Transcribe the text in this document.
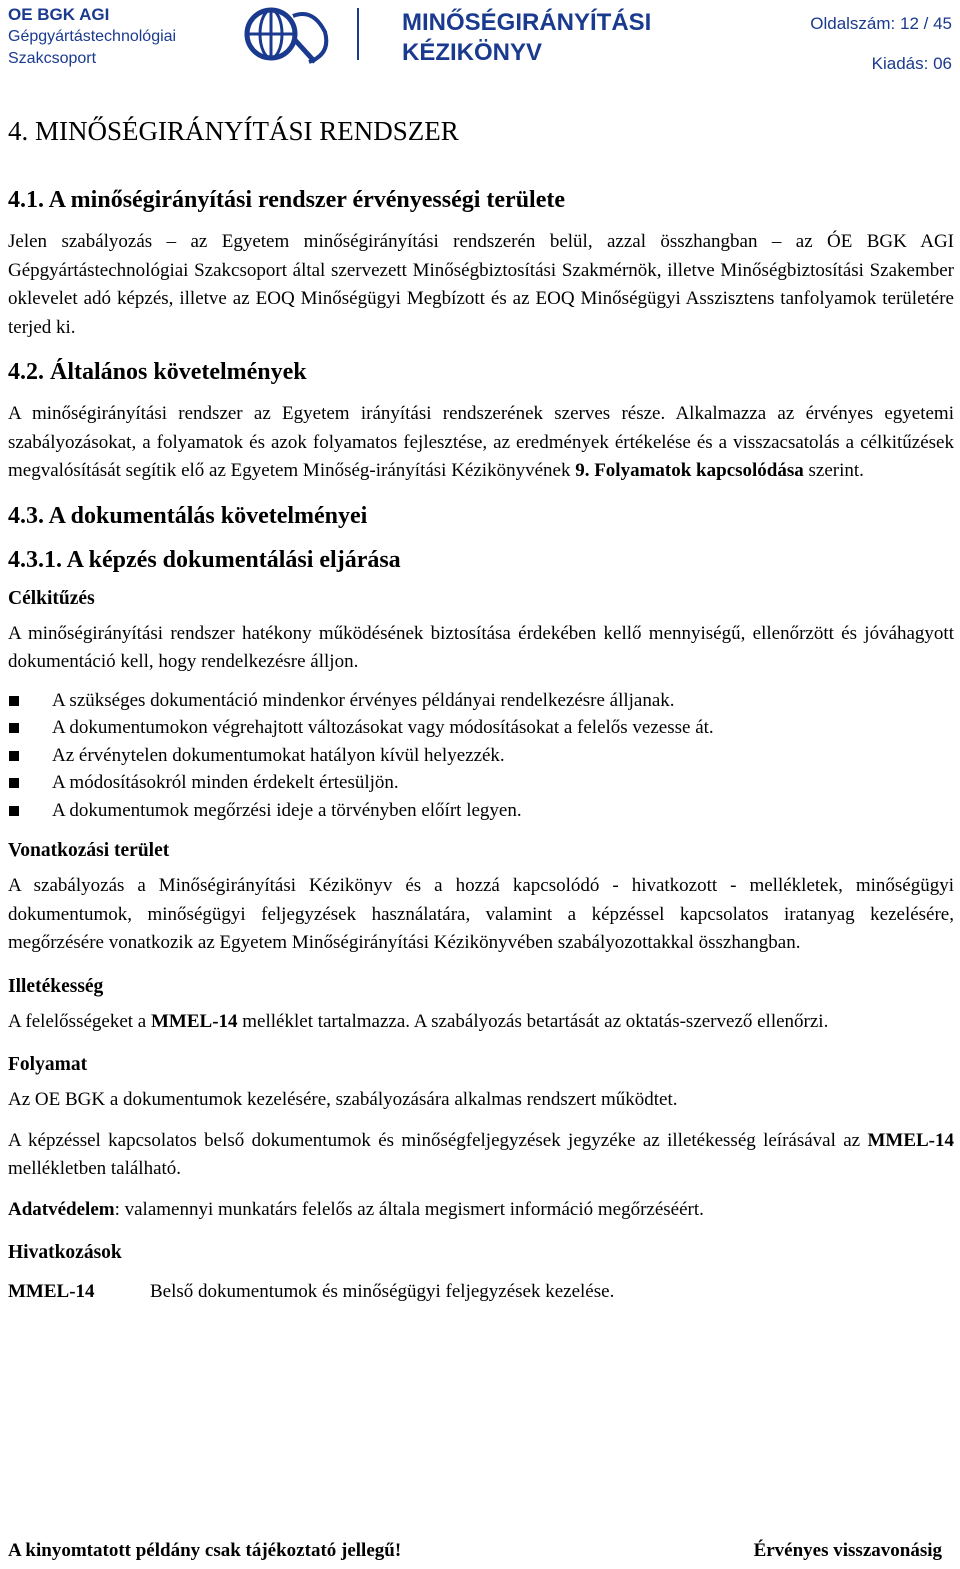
OE BGK AGI
Gépgyártástechnológiai
Szakcsoport
MINŐSÉGIRÁNYÍTÁSI
KÉZIKÖNYV
Oldalszám: 12 / 45
Kiadás: 06
4. MINŐSÉGIRÁNYÍTÁSI RENDSZER
4.1. A minőségirányítási rendszer érvényességi területe

Jelen szabályozás – az Egyetem minőségirányítási rendszerén belül, azzal összhangban – az ÓE BGK AGI Gépgyártástechnológiai Szakcsoport által szervezett Minőségbiztosítási Szakmérnök, illetve Minőségbiztosítási Szakember oklevelet adó képzés, illetve az EOQ Minőségügyi Megbízott és az EOQ Minőségügyi Asszisztens tanfolyamok területére terjed ki.

4.2. Általános követelmények

A minőségirányítási rendszer az Egyetem irányítási rendszerének szerves része. Alkalmazza az érvényes egyetemi szabályozásokat, a folyamatok és azok folyamatos fejlesztése, az eredmények értékelése és a visszacsatolás a célkitűzések megvalósítását segítik elő az Egyetem Minőség-irányítási Kézikönyvének 9. Folyamatok kapcsolódása szerint.

4.3. A dokumentálás követelményei
4.3.1. A képzés dokumentálási eljárása
Célkitűzés

A minőségirányítási rendszer hatékony működésének biztosítása érdekében kellő mennyiségű, ellenőrzött és jóváhagyott dokumentáció kell, hogy rendelkezésre álljon.

A szükséges dokumentáció mindenkor érvényes példányai rendelkezésre álljanak.
A dokumentumokon végrehajtott változásokat vagy módosításokat a felelős vezesse át.
Az érvénytelen dokumentumokat hatályon kívül helyezzék.
A módosításokról minden érdekelt értesüljön.
A dokumentumok megőrzési ideje a törvényben előírt legyen.
Vonatkozási terület

A szabályozás a Minőségirányítási Kézikönyv és a hozzá kapcsolódó - hivatkozott - mellékletek, minőségügyi dokumentumok, minőségügyi feljegyzések használatára, valamint a képzéssel kapcsolatos iratanyag kezelésére, megőrzésére vonatkozik az Egyetem Minőségirányítási Kézikönyvében szabályozottakkal összhangban.

Illetékesség

A felelősségeket a MMEL-14 melléklet tartalmazza. A szabályozás betartását az oktatás-szervező ellenőrzi.

Folyamat

Az OE BGK a dokumentumok kezelésére, szabályozására alkalmas rendszert működtet.

A képzéssel kapcsolatos belső dokumentumok és minőségfeljegyzések jegyzéke az illetékesség leírásával az MMEL-14 mellékletben található.

Adatvédelem: valamennyi munkatárs felelős az általa megismert információ megőrzéséért.

Hivatkozások
MMEL-14	Belső dokumentumok és minőségügyi feljegyzések kezelése.
A kinyomtatott példány csak tájékoztató jellegű!	Érvényes visszavonásig
